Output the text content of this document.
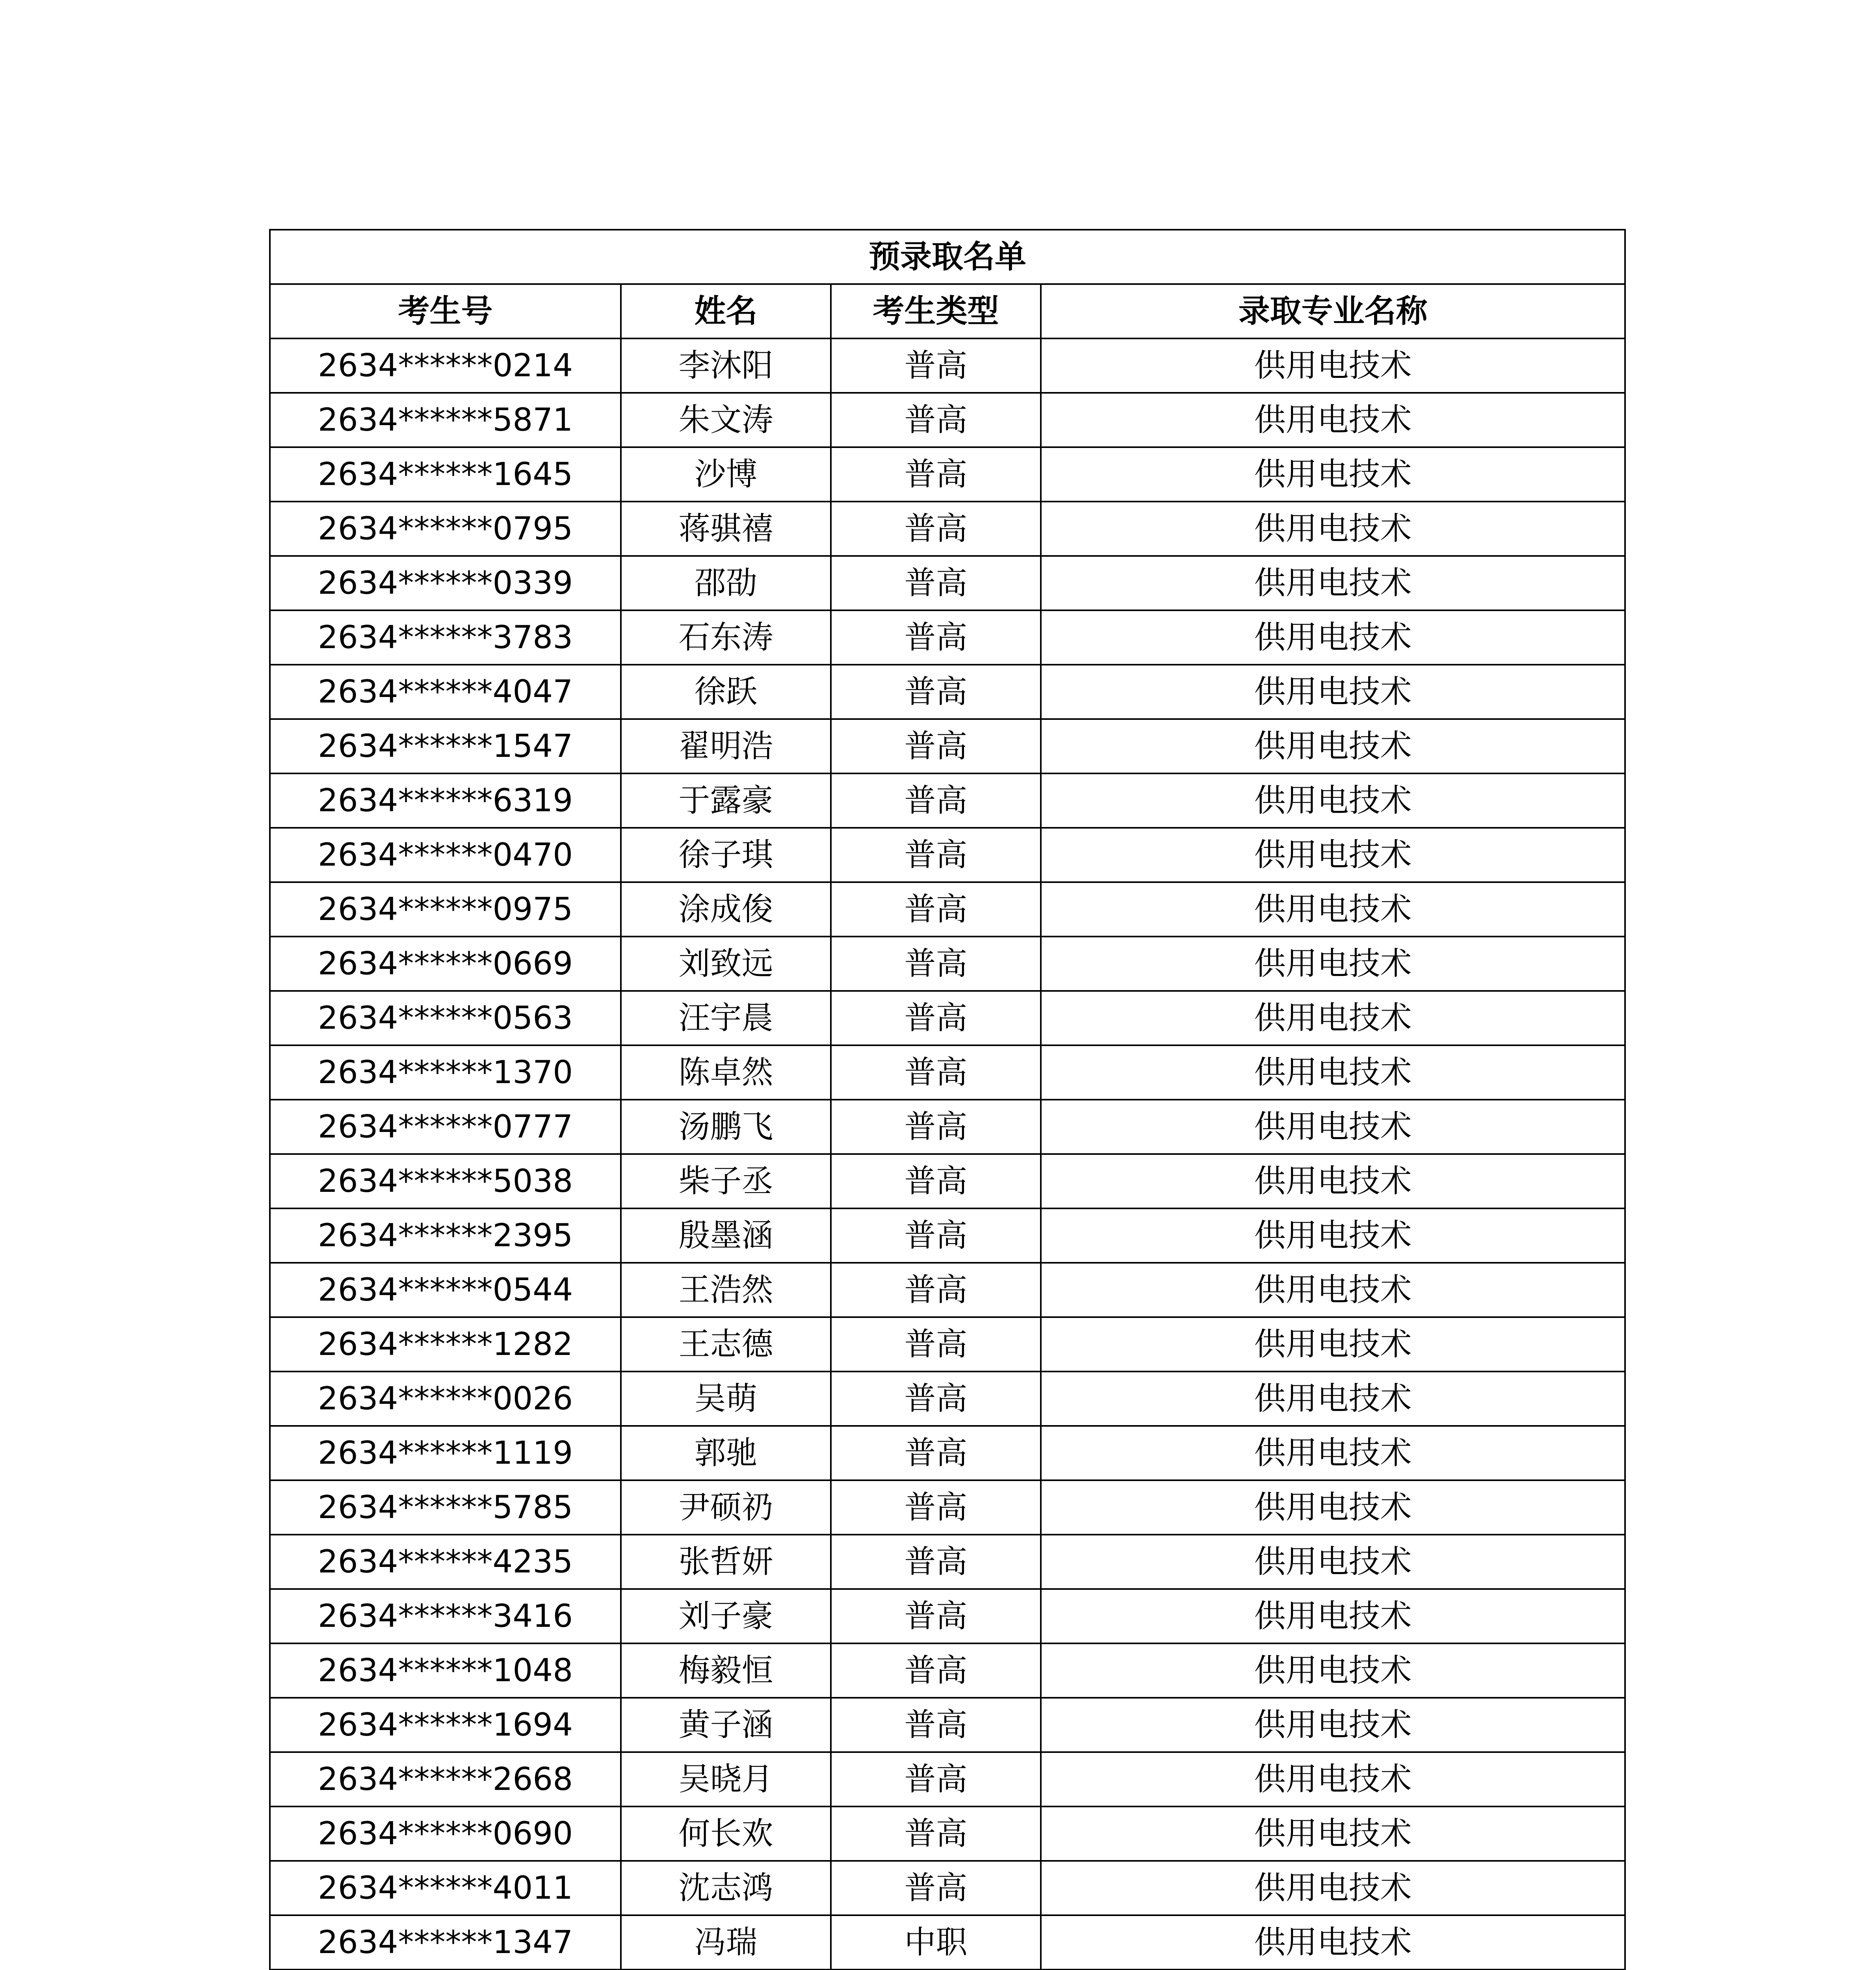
预录取名单			
考生号	姓名	考生类型	录取专业名称
2634******0214	李沐阳	普高	供用电技术
2634******5871	朱文涛	普高	供用电技术
2634******1645	沙博	普高	供用电技术
2634******0795	蒋骐禧	普高	供用电技术
2634******0339	邵劭	普高	供用电技术
2634******3783	石东涛	普高	供用电技术
2634******4047	徐跃	普高	供用电技术
2634******1547	翟明浩	普高	供用电技术
2634******6319	于露豪	普高	供用电技术
2634******0470	徐子琪	普高	供用电技术
2634******0975	涂成俊	普高	供用电技术
2634******0669	刘致远	普高	供用电技术
2634******0563	汪宇晨	普高	供用电技术
2634******1370	陈卓然	普高	供用电技术
2634******0777	汤鹏飞	普高	供用电技术
2634******5038	柴子丞	普高	供用电技术
2634******2395	殷墨涵	普高	供用电技术
2634******0544	王浩然	普高	供用电技术
2634******1282	王志德	普高	供用电技术
2634******0026	吴萌	普高	供用电技术
2634******1119	郭驰	普高	供用电技术
2634******5785	尹硕礽	普高	供用电技术
2634******4235	张哲妍	普高	供用电技术
2634******3416	刘子豪	普高	供用电技术
2634******1048	梅毅恒	普高	供用电技术
2634******1694	黄子涵	普高	供用电技术
2634******2668	吴晓月	普高	供用电技术
2634******0690	何长欢	普高	供用电技术
2634******4011	沈志鸿	普高	供用电技术
2634******1347	冯瑞	中职	供用电技术
